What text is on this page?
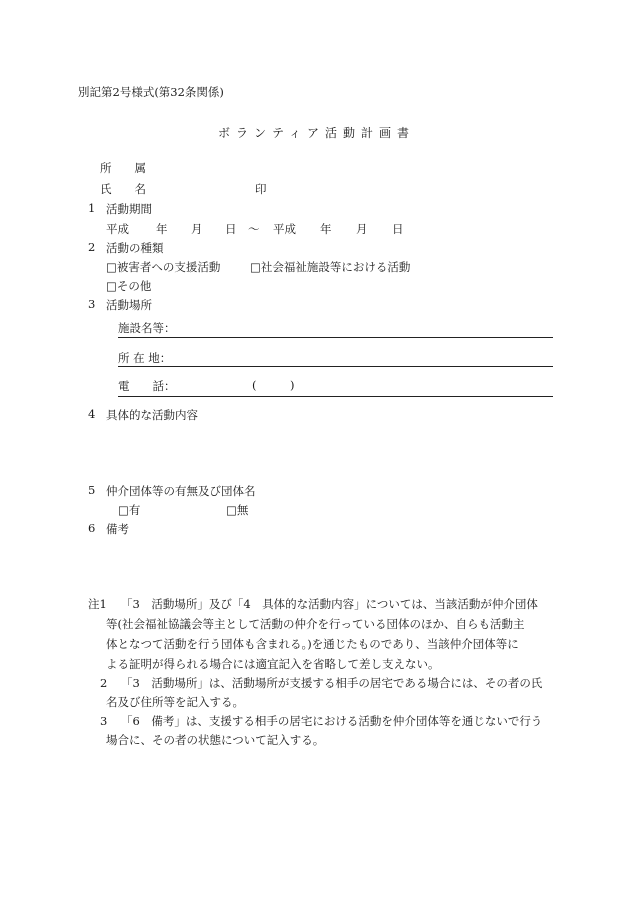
別記第2号様式(第32条関係)
ボランティア活動計画書
所　　属
氏　　名	印
1 活動期間
平成 年 月 日 ～ 平成 年 月 日
2 活動の種類
□被害者への支援活動	□社会福祉施設等における活動
□その他
3 活動場所
施設名等：
所 在 地：
電　　話：	(	)
4 具体的な活動内容
5 仲介団体等の有無及び団体名
□有	□無
6 備考
注1 「3　活動場所」及び「4　具体的な活動内容」については、当該活動が仲介団体
等(社会福祉協議会等主として活動の仲介を行っている団体のほか、自らも活動主
体となつて活動を行う団体も含まれる。)を通じたものであり、当該仲介団体等に
よる証明が得られる場合には適宜記入を省略して差し支えない。
2 「3　活動場所」は、活動場所が支援する相手の居宅である場合には、その者の氏
名及び住所等を記入する。
3 「6　備考」は、支援する相手の居宅における活動を仲介団体等を通じないで行う
場合に、その者の状態について記入する。
